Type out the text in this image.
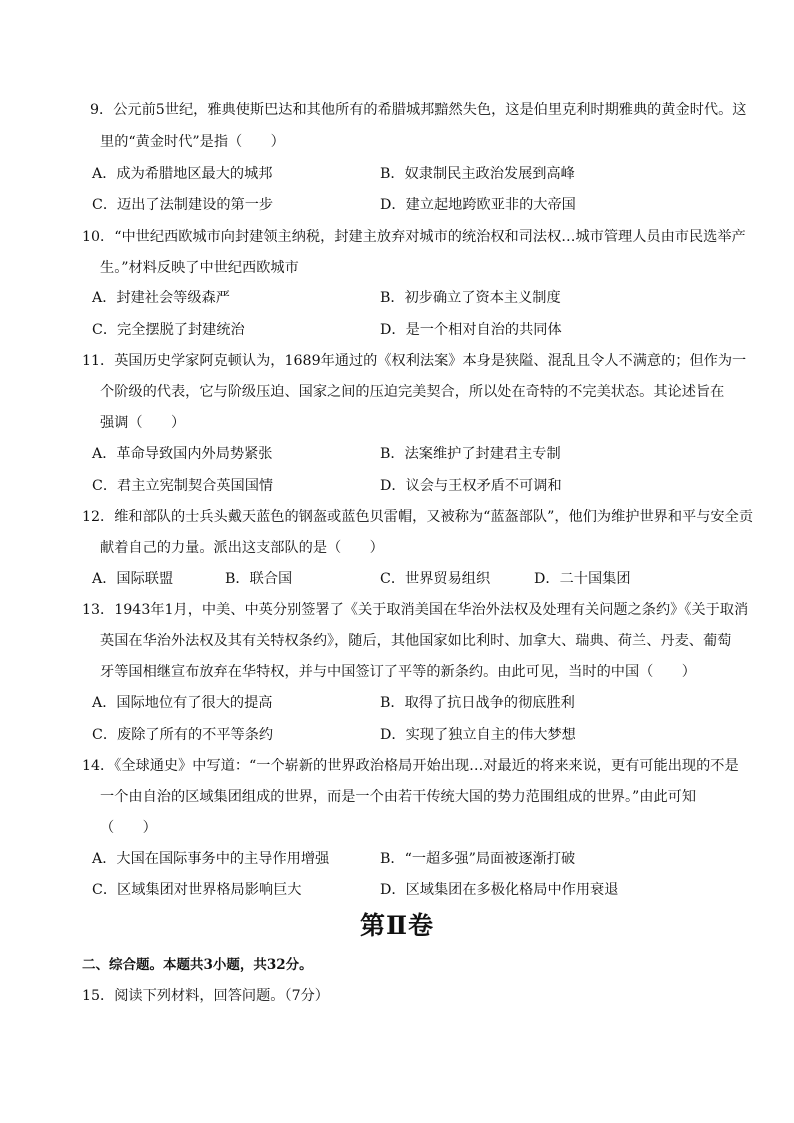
9．公元前5世纪，雅典使斯巴达和其他所有的希腊城邦黯然失色，这是伯里克利时期雅典的黄金时代。这
里的“黄金时代”是指（　　）
A．成为希腊地区最大的城邦	B．奴隶制民主政治发展到高峰
C．迈出了法制建设的第一步	D．建立起地跨欧亚非的大帝国
10．“中世纪西欧城市向封建领主纳税，封建主放弃对城市的统治权和司法权…城市管理人员由市民选举产
生。”材料反映了中世纪西欧城市
A．封建社会等级森严	B．初步确立了资本主义制度
C．完全摆脱了封建统治	D．是一个相对自治的共同体
11．英国历史学家阿克顿认为，1689年通过的《权利法案》本身是狭隘、混乱且令人不满意的；但作为一
个阶级的代表，它与阶级压迫、国家之间的压迫完美契合，所以处在奇特的不完美状态。其论述旨在
强调（　　）
A．革命导致国内外局势紧张	B．法案维护了封建君主专制
C．君主立宪制契合英国国情	D．议会与王权矛盾不可调和
12．维和部队的士兵头戴天蓝色的钢盔或蓝色贝雷帽，又被称为“蓝盔部队”，他们为维护世界和平与安全贡
献着自己的力量。派出这支部队的是（　　）
A．国际联盟	B．联合国	C．世界贸易组织	D．二十国集团
13．1943年1月，中美、中英分别签署了《关于取消美国在华治外法权及处理有关问题之条约》《关于取消
英国在华治外法权及其有关特权条约》，随后，其他国家如比利时、加拿大、瑞典、荷兰、丹麦、葡萄
牙等国相继宣布放弃在华特权，并与中国签订了平等的新条约。由此可见，当时的中国（　　）
A．国际地位有了很大的提高	B．取得了抗日战争的彻底胜利
C．废除了所有的不平等条约	D．实现了独立自主的伟大梦想
14．《全球通史》中写道：“一个崭新的世界政治格局开始出现…对最近的将来来说，更有可能出现的不是
一个由自治的区域集团组成的世界，而是一个由若干传统大国的势力范围组成的世界。”由此可知
（　　）
A．大国在国际事务中的主导作用增强	B．“一超多强”局面被逐渐打破
C．区域集团对世界格局影响巨大	D．区域集团在多极化格局中作用衰退
第Ⅱ卷
二、综合题。本题共3小题，共32分。
15．阅读下列材料，回答问题。（7分）
